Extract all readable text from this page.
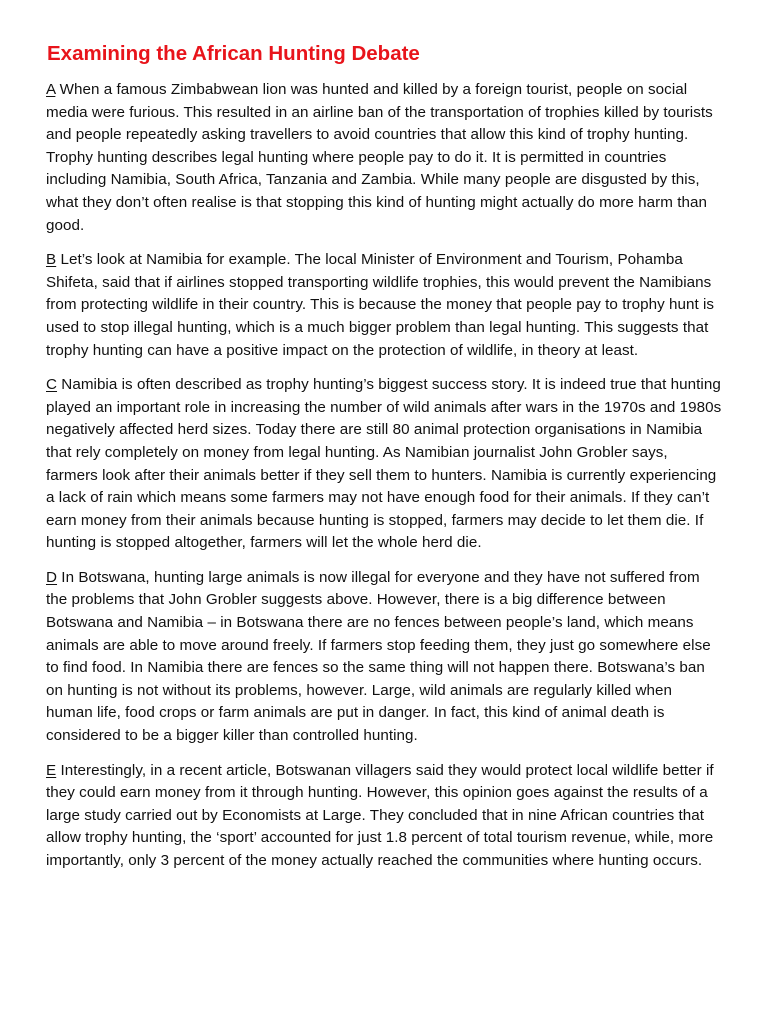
Examining the African Hunting Debate

A When a famous Zimbabwean lion was hunted and killed by a foreign tourist, people on social media were furious. This resulted in an airline ban of the transportation of trophies killed by tourists and people repeatedly asking travellers to avoid countries that allow this kind of trophy hunting. Trophy hunting describes legal hunting where people pay to do it. It is permitted in countries including Namibia, South Africa, Tanzania and Zambia. While many people are disgusted by this, what they don’t often realise is that stopping this kind of hunting might actually do more harm than good.

B Let’s look at Namibia for example. The local Minister of Environment and Tourism, Pohamba Shifeta, said that if airlines stopped transporting wildlife trophies, this would prevent the Namibians from protecting wildlife in their country. This is because the money that people pay to trophy hunt is used to stop illegal hunting, which is a much bigger problem than legal hunting. This suggests that trophy hunting can have a positive impact on the protection of wildlife, in theory at least.

C Namibia is often described as trophy hunting’s biggest success story. It is indeed true that hunting played an important role in increasing the number of wild animals after wars in the 1970s and 1980s negatively affected herd sizes. Today there are still 80 animal protection organisations in Namibia that rely completely on money from legal hunting. As Namibian journalist John Grobler says, farmers look after their animals better if they sell them to hunters. Namibia is currently experiencing a lack of rain which means some farmers may not have enough food for their animals. If they can’t earn money from their animals because hunting is stopped, farmers may decide to let them die. If hunting is stopped altogether, farmers will let the whole herd die.

D In Botswana, hunting large animals is now illegal for everyone and they have not suffered from the problems that John Grobler suggests above. However, there is a big difference between Botswana and Namibia – in Botswana there are no fences between people’s land, which means animals are able to move around freely. If farmers stop feeding them, they just go somewhere else to find food. In Namibia there are fences so the same thing will not happen there. Botswana’s ban on hunting is not without its problems, however. Large, wild animals are regularly killed when human life, food crops or farm animals are put in danger. In fact, this kind of animal death is considered to be a bigger killer than controlled hunting.

E Interestingly, in a recent article, Botswanan villagers said they would protect local wildlife better if they could earn money from it through hunting. However, this opinion goes against the results of a large study carried out by Economists at Large. They concluded that in nine African countries that allow trophy hunting, the ‘sport’ accounted for just 1.8 percent of total tourism revenue, while, more importantly, only 3 percent of the money actually reached the communities where hunting occurs.
